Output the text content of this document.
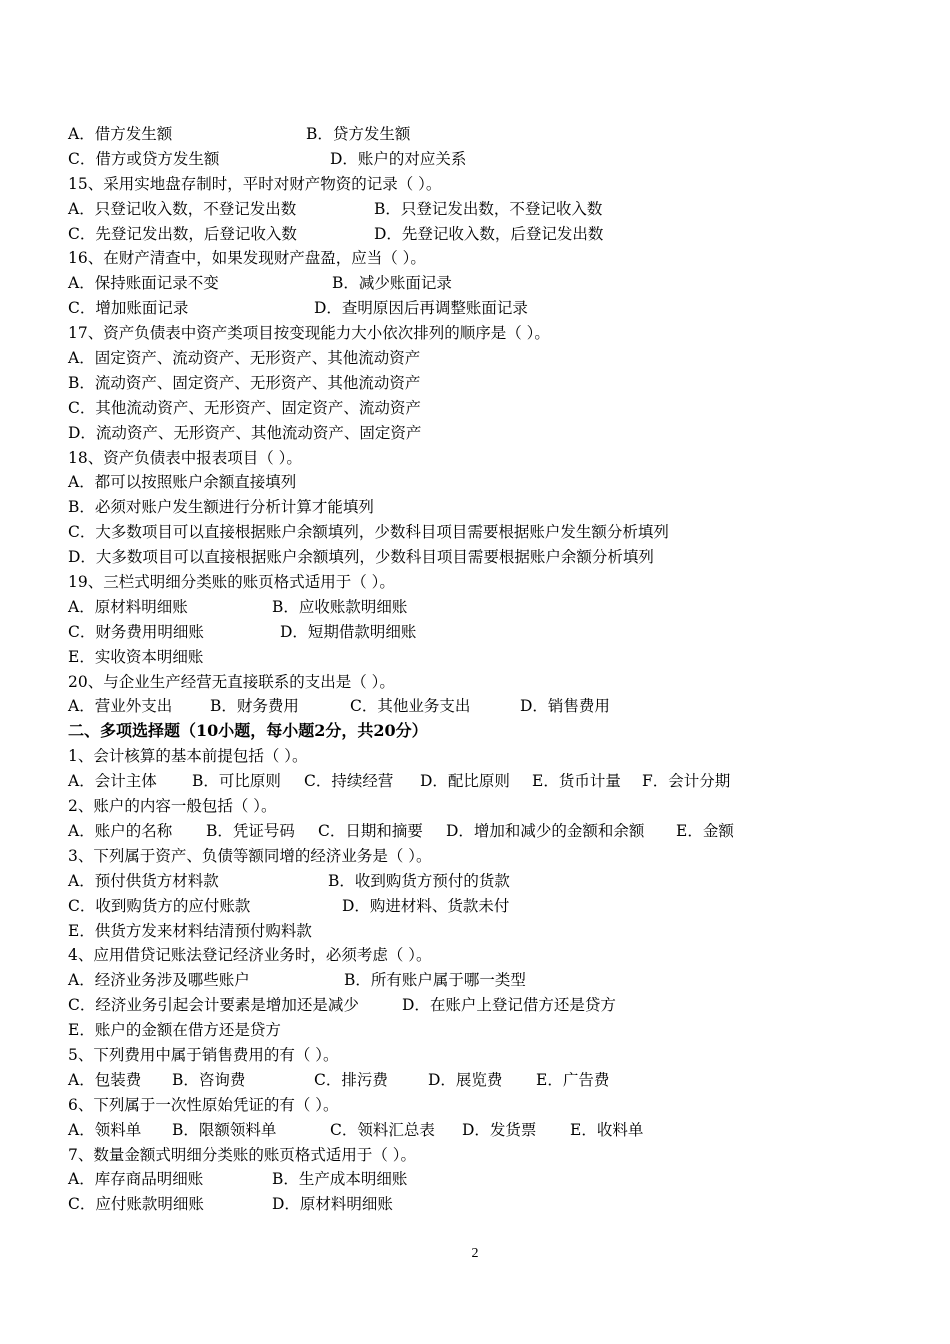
A．借方发生额	B．贷方发生额
C．借方或贷方发生额	D．账户的对应关系
15、采用实地盘存制时，平时对财产物资的记录（ ）。
A．只登记收入数，不登记发出数	B．只登记发出数，不登记收入数
C．先登记发出数，后登记收入数	D．先登记收入数，后登记发出数
16、在财产清查中，如果发现财产盘盈，应当（ ）。
A．保持账面记录不变	B．减少账面记录
C．增加账面记录	D．查明原因后再调整账面记录
17、资产负债表中资产类项目按变现能力大小依次排列的顺序是（ ）。
A．固定资产、流动资产、无形资产、其他流动资产
B．流动资产、固定资产、无形资产、其他流动资产
C．其他流动资产、无形资产、固定资产、流动资产
D．流动资产、无形资产、其他流动资产、固定资产
18、资产负债表中报表项目（ ）。
A．都可以按照账户余额直接填列
B．必须对账户发生额进行分析计算才能填列
C．大多数项目可以直接根据账户余额填列，少数科目项目需要根据账户发生额分析填列
D．大多数项目可以直接根据账户余额填列，少数科目项目需要根据账户余额分析填列
19、三栏式明细分类账的账页格式适用于（ ）。
A．原材料明细账	B．应收账款明细账
C．财务费用明细账	D．短期借款明细账
E．实收资本明细账
20、与企业生产经营无直接联系的支出是（ ）。
A．营业外支出 B．财务费用	C．其他业务支出	D．销售费用
二、多项选择题（10小题，每小题2分，共20分）
1、会计核算的基本前提包括（ ）。
A．会计主体 B．可比原则 C．持续经营 D．配比原则 E．货币计量 F．会计分期
2、账户的内容一般包括（ ）。
A．账户的名称 B．凭证号码 C．日期和摘要 D．增加和减少的金额和余额 E．金额
3、下列属于资产、负债等额同增的经济业务是（ ）。
A．预付供货方材料款	B．收到购货方预付的货款
C．收到购货方的应付账款	D．购进材料、货款未付
E．供货方发来材料结清预付购料款
4、应用借贷记账法登记经济业务时，必须考虑（ ）。
A．经济业务涉及哪些账户	B．所有账户属于哪一类型
C．经济业务引起会计要素是增加还是减少	D．在账户上登记借方还是贷方
E．账户的金额在借方还是贷方
5、下列费用中属于销售费用的有（ ）。
A．包装费 B．咨询费	C．排污费	D．展览费 E．广告费
6、下列属于一次性原始凭证的有（ ）。
A．领料单 B．限额领料单	C．领料汇总表 D．发货票 E．收料单
7、数量金额式明细分类账的账页格式适用于（ ）。
A．库存商品明细账	B．生产成本明细账
C．应付账款明细账	D．原材料明细账
2
